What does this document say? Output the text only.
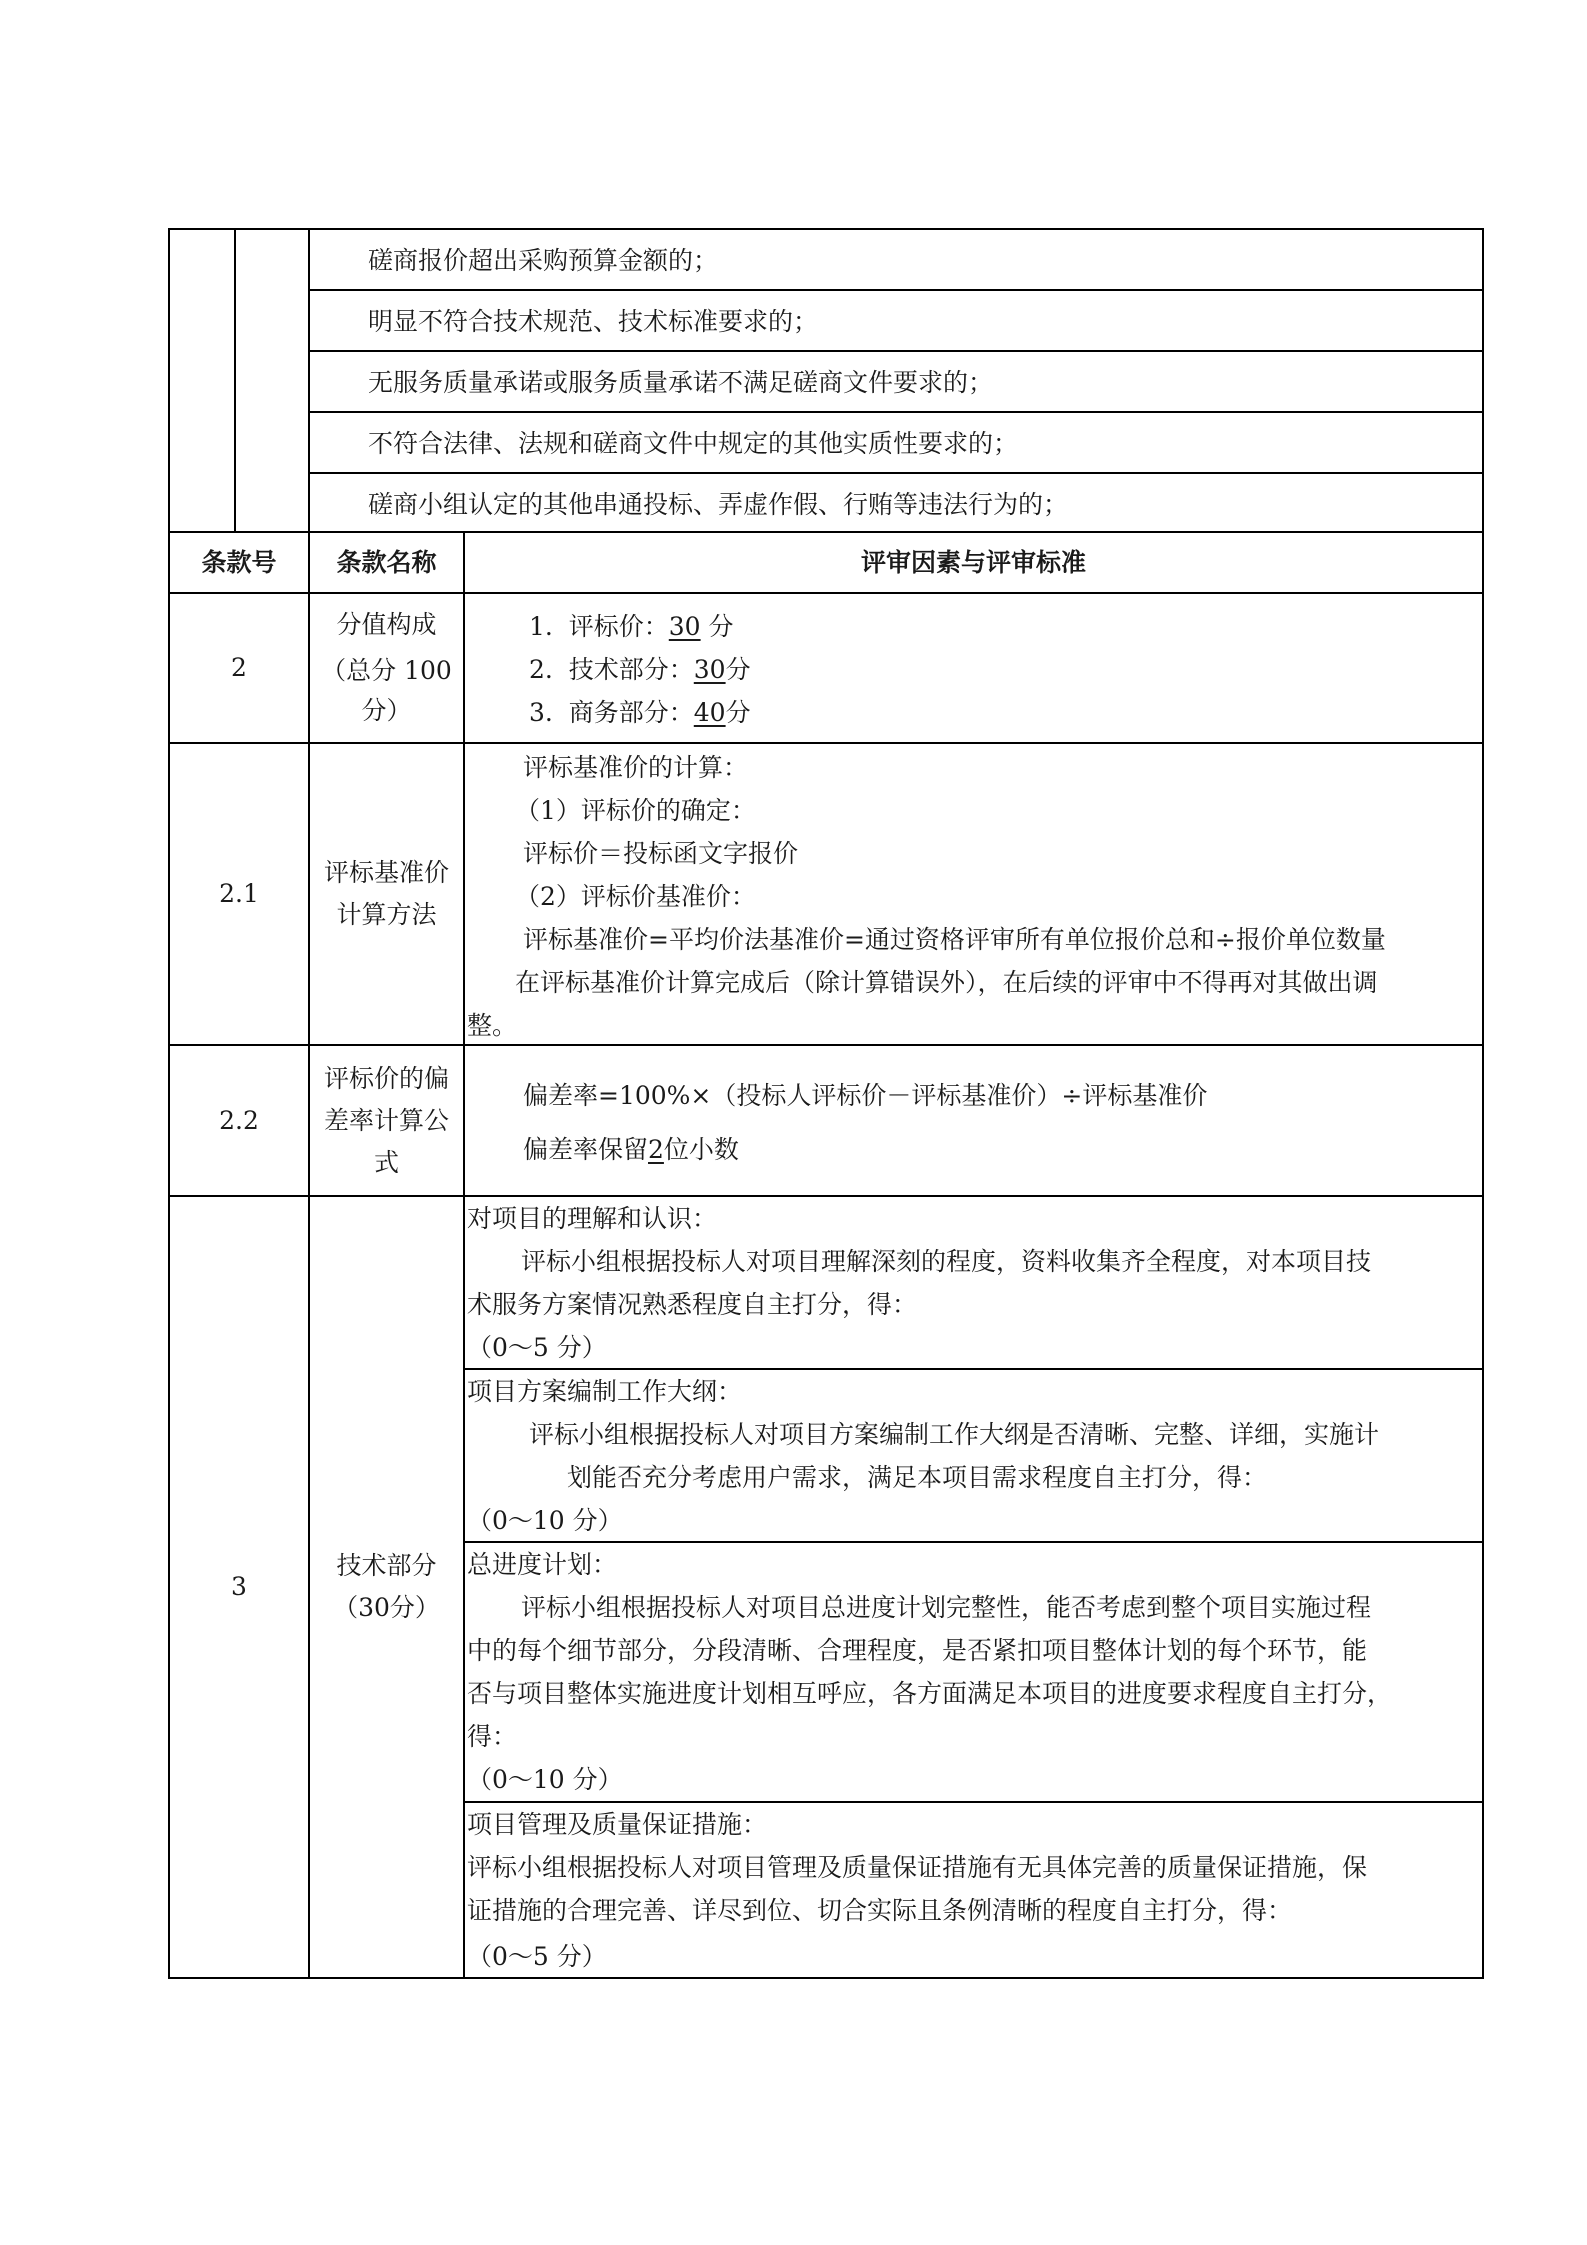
磋商报价超出采购预算金额的；
明显不符合技术规范、技术标准要求的；
无服务质量承诺或服务质量承诺不满足磋商文件要求的；
不符合法律、法规和磋商文件中规定的其他实质性要求的；
磋商小组认定的其他串通投标、弄虚作假、行贿等违法行为的；
条款号	条款名称	评审因素与评审标准
2
分值构成
（总分 100
分）
1. 评标价：30 分
2. 技术部分：30分
3. 商务部分：40分
2.1
评标基准价
计算方法

评标基准价的计算：

（1）评标价的确定：

评标价＝投标函文字报价

（2）评标价基准价：

评标基准价=平均价法基准价=通过资格评审所有单位报价总和÷报价单位数量

在评标基准价计算完成后（除计算错误外），在后续的评审中不得再对其做出调

整。

2.2
评标价的偏
差率计算公
式
偏差率=100%×（投标人评标价－评标基准价）÷评标基准价
偏差率保留2位小数
3
技术部分
（30分）

对项目的理解和认识：

评标小组根据投标人对项目理解深刻的程度，资料收集齐全程度，对本项目技

术服务方案情况熟悉程度自主打分，得：

（0～5 分）

项目方案编制工作大纲：

评标小组根据投标人对项目方案编制工作大纲是否清晰、完整、详细，实施计

划能否充分考虑用户需求，满足本项目需求程度自主打分，得：

（0～10 分）

总进度计划：

评标小组根据投标人对项目总进度计划完整性，能否考虑到整个项目实施过程

中的每个细节部分，分段清晰、合理程度，是否紧扣项目整体计划的每个环节，能

否与项目整体实施进度计划相互呼应，各方面满足本项目的进度要求程度自主打分，

得：

（0～10 分）

项目管理及质量保证措施：

评标小组根据投标人对项目管理及质量保证措施有无具体完善的质量保证措施，保

证措施的合理完善、详尽到位、切合实际且条例清晰的程度自主打分，得：

（0～5 分）
